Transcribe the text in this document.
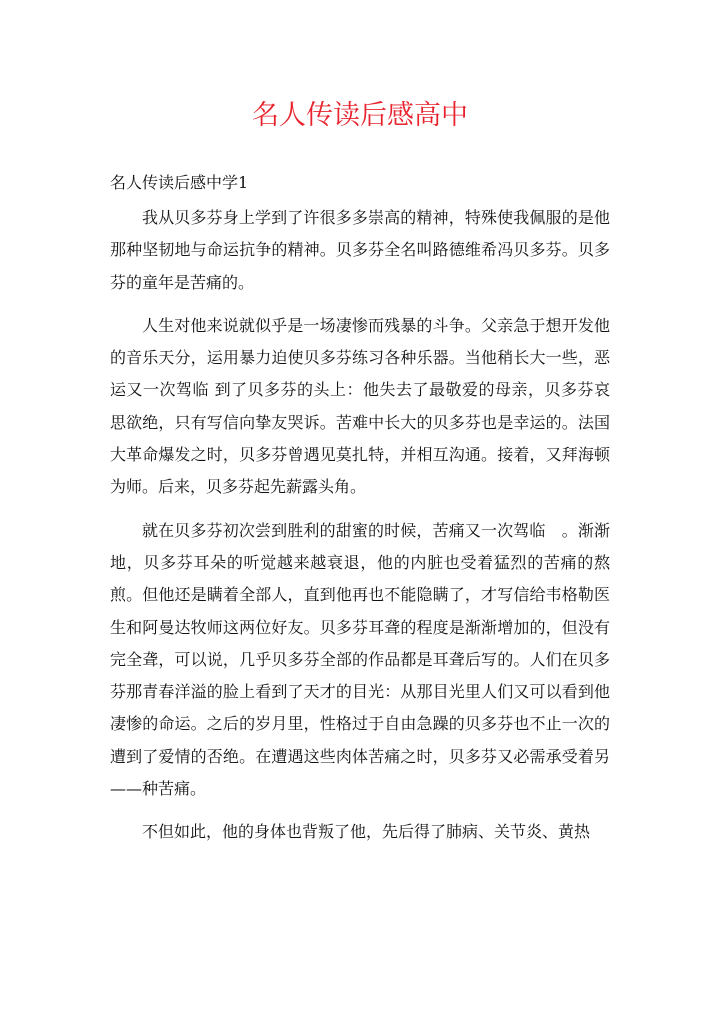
名人传读后感高中
名人传读后感中学1

我从贝多芬身上学到了许很多多崇高的精神，特殊使我佩服的是他那种坚韧地与命运抗争的精神。贝多芬全名叫路德维希冯贝多芬。贝多芬的童年是苦痛的。

人生对他来说就似乎是一场凄惨而残暴的斗争。父亲急于想开发他的音乐天分，运用暴力迫使贝多芬练习各种乐器。当他稍长大一些，恶运又一次驾临 到了贝多芬的头上：他失去了最敬爱的母亲，贝多芬哀思欲绝，只有写信向挚友哭诉。苦难中长大的贝多芬也是幸运的。法国大革命爆发之时，贝多芬曾遇见莫扎特，并相互沟通。接着，又拜海顿为师。后来，贝多芬起先薪露头角。

就在贝多芬初次尝到胜利的甜蜜的时候，苦痛又一次驾临　。渐渐地，贝多芬耳朵的听觉越来越衰退，他的内脏也受着猛烈的苦痛的熬煎。但他还是瞒着全部人，直到他再也不能隐瞒了，才写信给韦格勒医生和阿曼达牧师这两位好友。贝多芬耳聋的程度是渐渐增加的，但没有完全聋，可以说，几乎贝多芬全部的作品都是耳聋后写的。人们在贝多芬那青春洋溢的脸上看到了天才的目光：从那目光里人们又可以看到他凄惨的命运。之后的岁月里，性格过于自由急躁的贝多芬也不止一次的遭到了爱情的否绝。在遭遇这些肉体苦痛之时，贝多芬又必需承受着另——种苦痛。

不但如此，他的身体也背叛了他，先后得了肺病、关节炎、黄热
